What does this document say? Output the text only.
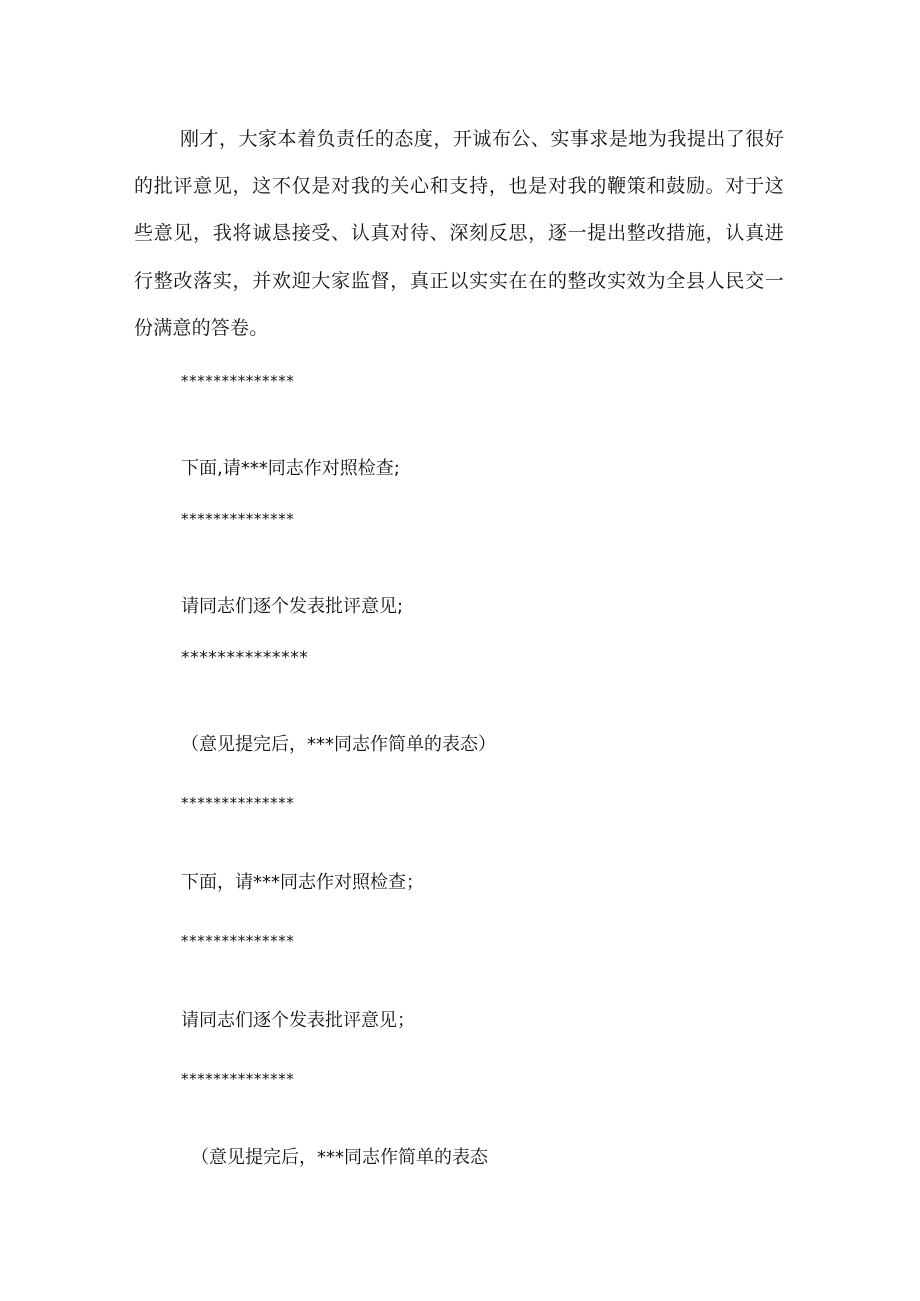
刚才，大家本着负责任的态度，开诚布公、实事求是地为我提出了很好的批评意见，这不仅是对我的关心和支持，也是对我的鞭策和鼓励。对于这些意见，我将诚恳接受、认真对待、深刻反思，逐一提出整改措施，认真进行整改落实，并欢迎大家监督，真正以实实在在的整改实效为全县人民交一份满意的答卷。

**************

下面,请***同志作对照检查;

**************

请同志们逐个发表批评意见;

**************

（意见提完后，***同志作简单的表态）

**************

下面，请***同志作对照检查；

**************

请同志们逐个发表批评意见；

**************

（意见提完后，***同志作简单的表态
